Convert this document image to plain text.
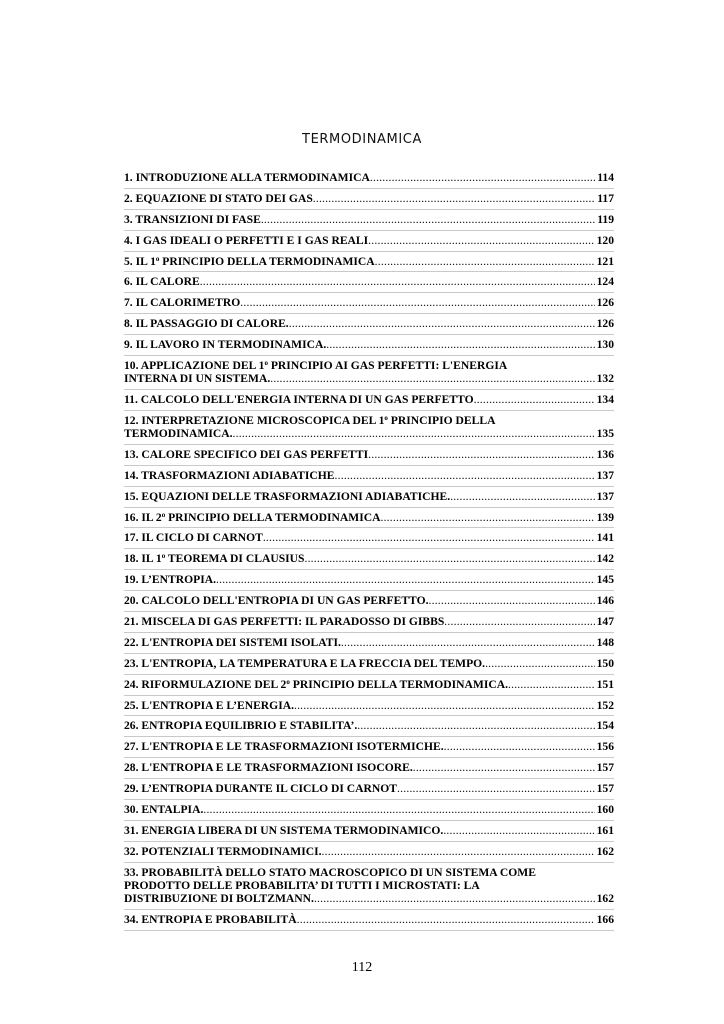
TERMODINAMICA
1. INTRODUZIONE ALLA TERMODINAMICA .....	114
2. EQUAZIONE DI STATO DEI GAS .....	117
3. TRANSIZIONI DI FASE .....	119
4. I GAS IDEALI O PERFETTI E I GAS REALI .....	120
5. IL 1$^o$ PRINCIPIO DELLA TERMODINAMICA .....	121
6. IL CALORE .....	124
7. IL CALORIMETRO .....	126
8. IL PASSAGGIO DI CALORE. .....	126
9. IL LAVORO IN TERMODINAMICA. .....	130
10. APPLICAZIONE DEL 1$^o$ PRINCIPIO AI GAS PERFETTI: L'ENERGIA
INTERNA DI UN SISTEMA. .....	132
11. CALCOLO DELL'ENERGIA INTERNA DI UN GAS PERFETTO .....	134
12. INTERPRETAZIONE MICROSCOPICA DEL 1$^o$ PRINCIPIO DELLA
TERMODINAMICA. .....	135
13. CALORE SPECIFICO DEI GAS PERFETTI .....	136
14. TRASFORMAZIONI ADIABATICHE .....	137
15. EQUAZIONI DELLE TRASFORMAZIONI ADIABATICHE. .....	137
16. IL 2$^o$ PRINCIPIO DELLA TERMODINAMICA .....	139
17. IL CICLO DI CARNOT .....	141
18. IL 1$^o$ TEOREMA DI CLAUSIUS .....	142
19. L’ENTROPIA. .....	145
20. CALCOLO DELL'ENTROPIA DI UN GAS PERFETTO. .....	146
21. MISCELA DI GAS PERFETTI: IL PARADOSSO DI GIBBS .....	147
22. L'ENTROPIA DEI SISTEMI ISOLATI. .....	148
23. L'ENTROPIA, LA TEMPERATURA E LA FRECCIA DEL TEMPO. .....	150
24. RIFORMULAZIONE DEL 2$^o$ PRINCIPIO DELLA TERMODINAMICA. .....	151
25. L'ENTROPIA E L’ENERGIA. .....	152
26. ENTROPIA EQUILIBRIO E STABILITA’. .....	154
27. L'ENTROPIA E LE TRASFORMAZIONI ISOTERMICHE. .....	156
28. L'ENTROPIA E LE TRASFORMAZIONI ISOCORE. .....	157
29. L’ENTROPIA DURANTE IL CICLO DI CARNOT .....	157
30. ENTALPIA. .....	160
31. ENERGIA LIBERA DI UN SISTEMA TERMODINAMICO. .....	161
32. POTENZIALI TERMODINAMICI. .....	162
33. PROBABILITÀ DELLO STATO MACROSCOPICO DI UN SISTEMA COME
PRODOTTO DELLE PROBABILITA’ DI TUTTI I MICROSTATI: LA
DISTRIBUZIONE DI BOLTZMANN. .....	162
34. ENTROPIA E PROBABILITÀ .....	166
112
